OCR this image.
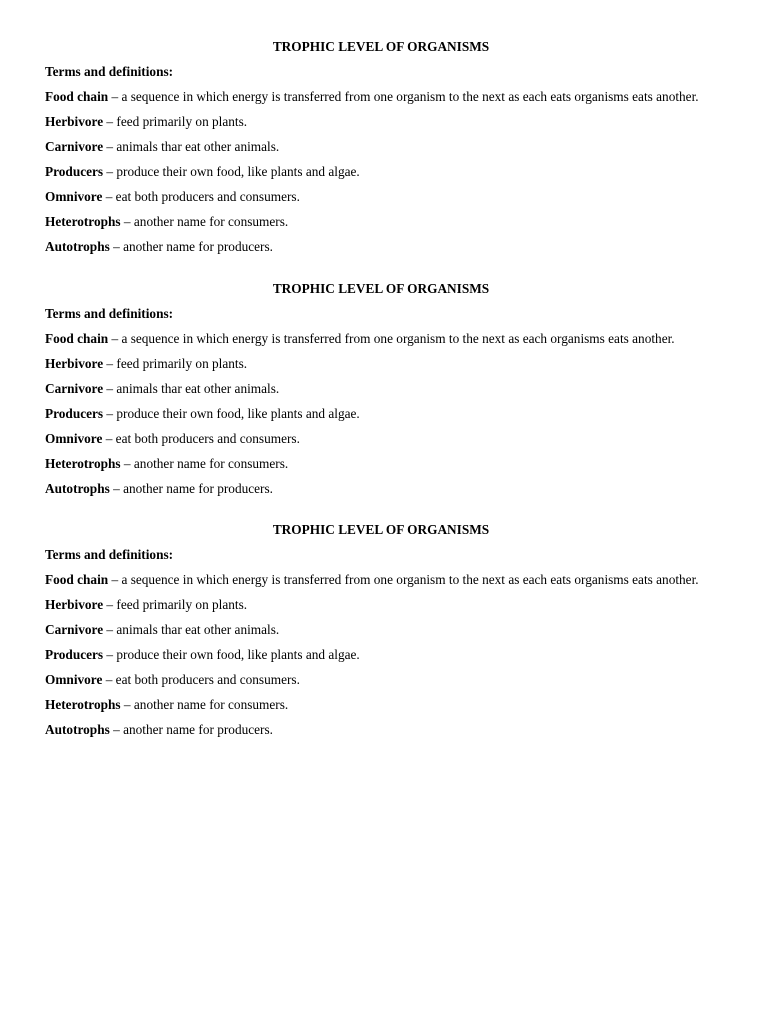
TROPHIC LEVEL OF ORGANISMS
Terms and definitions:
Food chain – a sequence in which energy is transferred from one organism to the next as each eats organisms eats another.
Herbivore – feed primarily on plants.
Carnivore – animals thar eat other animals.
Producers – produce their own food, like plants and algae.
Omnivore – eat both producers and consumers.
Heterotrophs – another name for consumers.
Autotrophs – another name for producers.
TROPHIC LEVEL OF ORGANISMS
Terms and definitions:
Food chain – a sequence in which energy is transferred from one organism to the next as each organisms eats another.
Herbivore – feed primarily on plants.
Carnivore – animals thar eat other animals.
Producers – produce their own food, like plants and algae.
Omnivore – eat both producers and consumers.
Heterotrophs – another name for consumers.
Autotrophs – another name for producers.
TROPHIC LEVEL OF ORGANISMS
Terms and definitions:
Food chain – a sequence in which energy is transferred from one organism to the next as each eats organisms eats another.
Herbivore – feed primarily on plants.
Carnivore – animals thar eat other animals.
Producers – produce their own food, like plants and algae.
Omnivore – eat both producers and consumers.
Heterotrophs – another name for consumers.
Autotrophs – another name for producers.
